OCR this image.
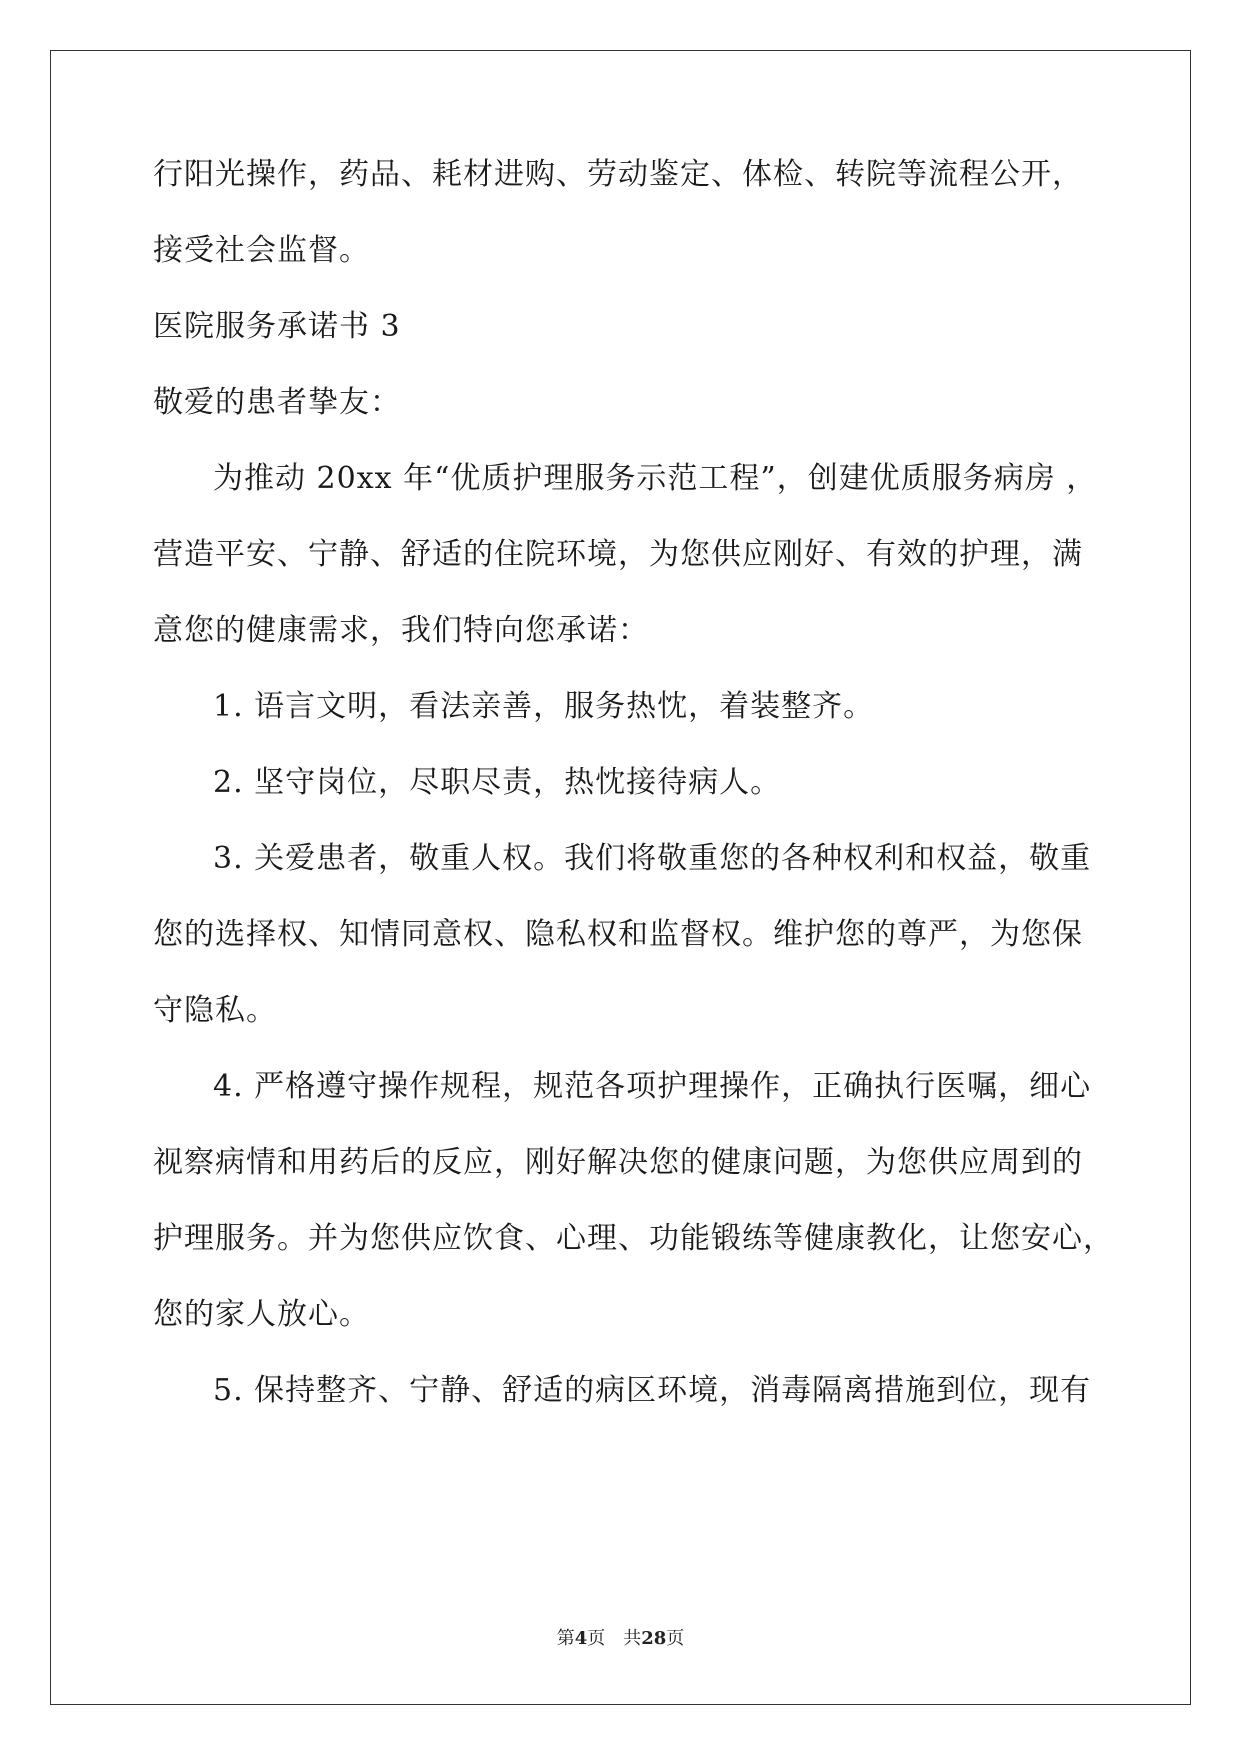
行阳光操作，药品、耗材进购、劳动鉴定、体检、转院等流程公开，
接受社会监督。
医院服务承诺书 3
敬爱的患者挚友：
为推动 20xx 年“优质护理服务示范工程”，创建优质服务病房 ，
营造平安、宁静、舒适的住院环境，为您供应刚好、有效的护理，满
意您的健康需求，我们特向您承诺：
1. 语言文明，看法亲善，服务热忱，着装整齐。
2. 坚守岗位，尽职尽责，热忱接待病人。
3. 关爱患者，敬重人权。我们将敬重您的各种权利和权益，敬重
您的选择权、知情同意权、隐私权和监督权。维护您的尊严，为您保
守隐私。
4. 严格遵守操作规程，规范各项护理操作，正确执行医嘱，细心
视察病情和用药后的反应，刚好解决您的健康问题，为您供应周到的
护理服务。并为您供应饮食、心理、功能锻练等健康教化，让您安心，
您的家人放心。
5. 保持整齐、宁静、舒适的病区环境，消毒隔离措施到位，现有
第4页　共28页
